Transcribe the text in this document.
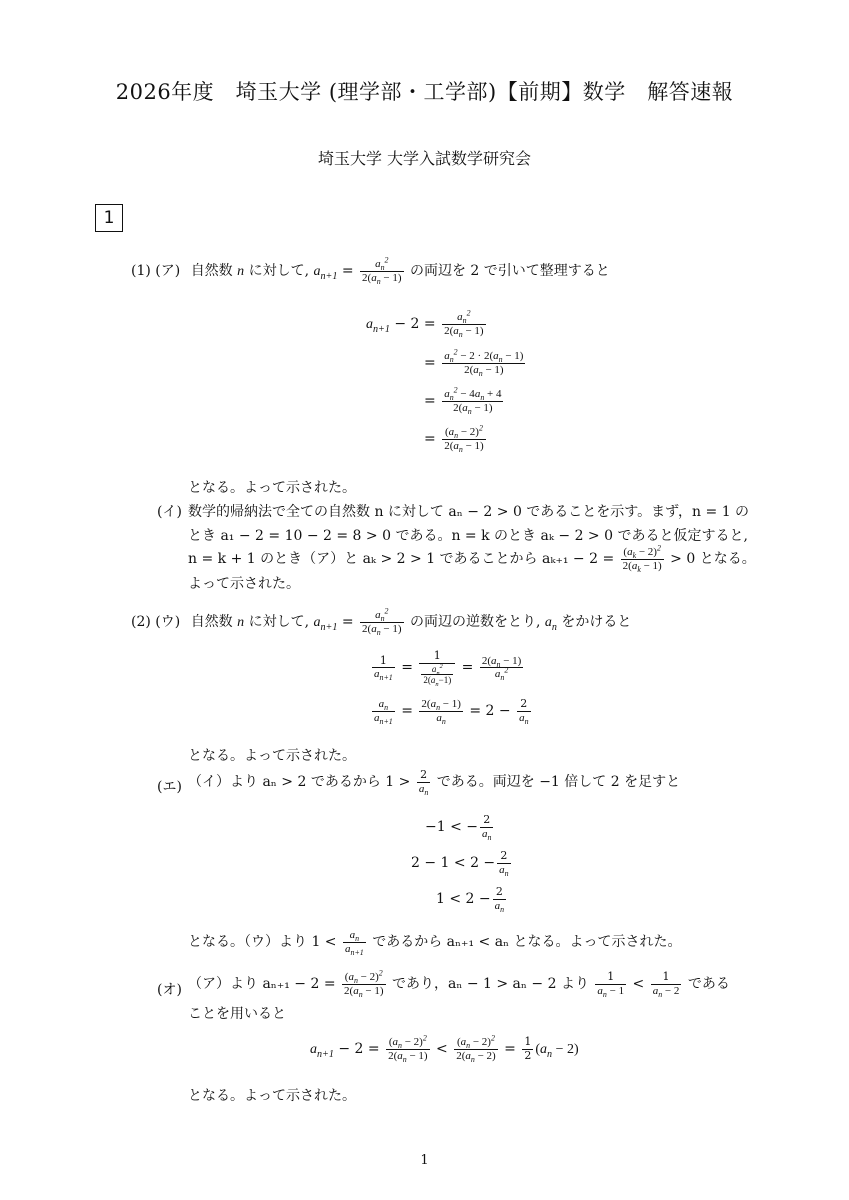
2026年度　埼玉大学 (理学部・工学部)【前期】数学　解答速報
埼玉大学 大学入試数学研究会
1
(1) (ア) 自然数 n に対して, $a_{n+1} = \frac{a_n^2}{2(a_n - 1)}$ の両辺を 2 で引いて整理すると
$a_{n+1} - 2 = \frac{a_n^2}{2(a_n - 1)}$
= $\frac{a_n^2 - 2 \cdot 2(a_n - 1)}{2(a_n - 1)}$
= $\frac{a_n^2 - 4a_n + 4}{2(a_n - 1)}$
= $\frac{(a_n - 2)^2}{2(a_n - 1)}$
となる。よって示された。
(イ) 数学的帰納法で全ての自然数 n に対して aₙ − 2 > 0 であることを示す。まず，n = 1 の
とき a₁ − 2 = 10 − 2 = 8 > 0 である。n = k のとき aₖ − 2 > 0 であると仮定すると,
n = k + 1 のとき（ア）と aₖ > 2 > 1 であることから $a_{k+1} - 2 = \frac{(a_k - 2)^2}{2(a_k - 1)} > 0$ となる。
よって示された。
(2) (ウ) 自然数 n に対して, $a_{n+1} = \frac{a_n^2}{2(a_n - 1)}$ の両辺の逆数をとり, $a_n$ をかけると
$\frac{1}{a_{n+1}} = \frac{1}{\frac{a_n^2}{2(a_n-1)}} = \frac{2(a_n - 1)}{a_n^2}$
$\frac{a_n}{a_{n+1}} = \frac{2(a_n - 1)}{a_n} = 2 - \frac{2}{a_n}$
となる。よって示された。
(エ) （イ）より aₙ > 2 であるから $1 > \frac{2}{a_n}$ である。両辺を −1 倍して 2 を足すと
−1 < − $\frac{2}{a_n}$
$2 - 1 < 2 - \frac{2}{a_n}$
$1 < 2 - \frac{2}{a_n}$
となる。（ウ）より $1 < \frac{a_n}{a_{n+1}}$ であるから aₙ₊₁ < aₙ となる。よって示された。
(オ) （ア）より $a_{n+1} - 2 = \frac{(a_n - 2)^2}{2(a_n - 1)}$ であり，aₙ − 1 > aₙ − 2 より $\frac{1}{a_n - 1} < \frac{1}{a_n - 2}$ である
ことを用いると
$a_{n+1} - 2 = \frac{(a_n - 2)^2}{2(a_n - 1)} < \frac{(a_n - 2)^2}{2(a_n - 2)} = \frac{1}{2} (a_n - 2)$
となる。よって示された。
1
